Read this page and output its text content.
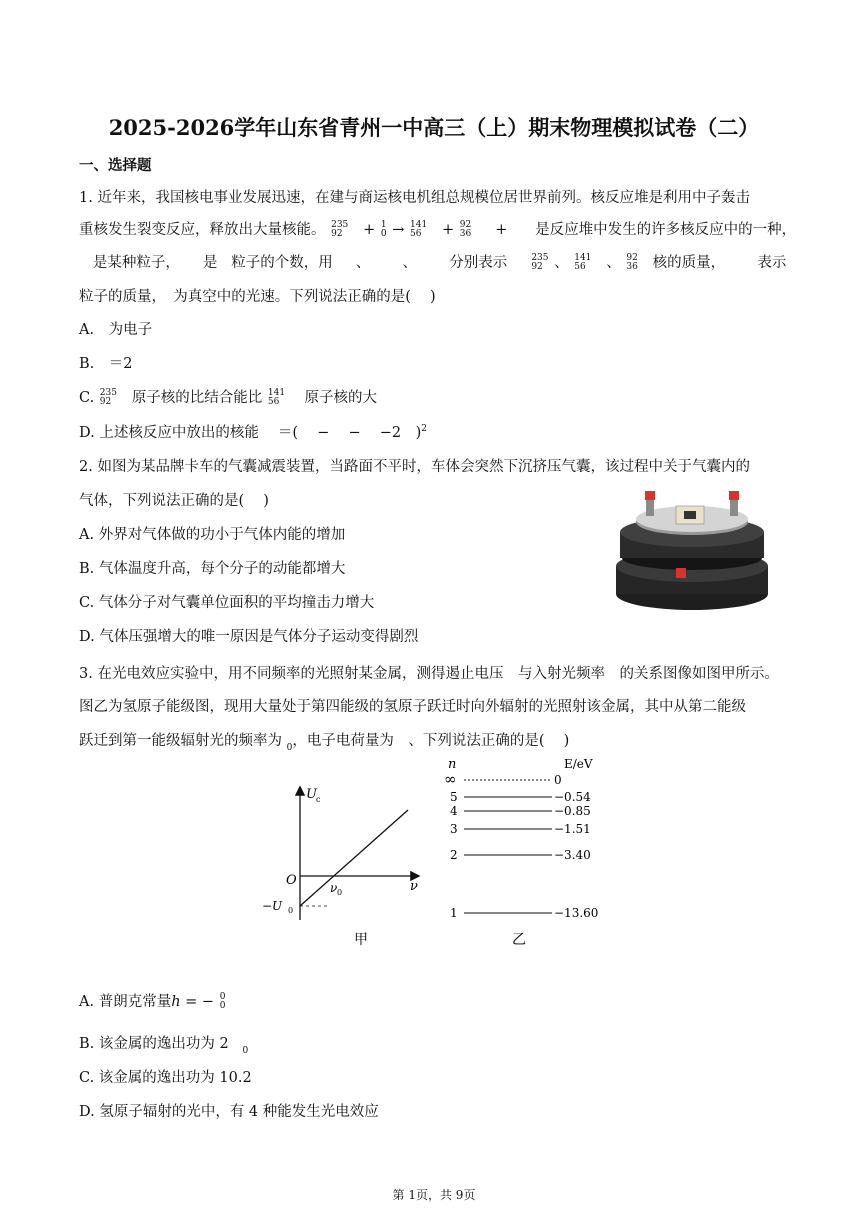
2025-2026学年山东省青州一中高三（上）期末物理模拟试卷（二）
一、选择题
1. 近年来，我国核电事业发展迅速，在建与商运核电机组总规模位居世界前列。核反应堆是利用中子轰击
重核发生裂变反应，释放出大量核能。 235
92	+ 1
0 → 141
56	+ 92
36 + 是反应堆中发生的许多核反应中的一种，
是某种粒子， 是 粒子的个数，用 、 、 分别表示	235
92 、 141
56 、 92
36 核的质量， 表示
粒子的质量，　为真空中的光速。下列说法正确的是(　 )
A.　为电子
B.　＝2
C. 235
92	原子核的比结合能比 141
56	原子核的大
D. 上述核反应中放出的核能　 ＝(　 −　 −　 −2　)$^2$
2. 如图为某品牌卡车的气囊减震装置，当路面不平时，车体会突然下沉挤压气囊，该过程中关于气囊内的
气体，下列说法正确的是(　 )
A. 外界对气体做的功小于气体内能的增加
B. 气体温度升高，每个分子的动能都增大
C. 气体分子对气囊单位面积的平均撞击力增大
D. 气体压强增大的唯一原因是气体分子运动变得剧烈
3. 在光电效应实验中，用不同频率的光照射某金属，测得遏止电压　与入射光频率　的关系图像如图甲所示。
图乙为氢原子能级图，现用大量处于第四能级的氢原子跃迁时向外辐射的光照射该金属，其中从第二能级
跃迁到第一能级辐射光的频率为 $_0$，电子电荷量为　、下列说法正确的是(　 )
U c
O	ν
ν 0
−U 0
甲
n	E/eV
∞	0
5	−0.54
4	−0.85
3	−1.51
2	−3.40
1	−13.60
乙
A. 普朗克常量h = − 0
0
B. 该金属的逸出功为 2 $_0$
C. 该金属的逸出功为 10.2
D. 氢原子辐射的光中，有 4 种能发生光电效应
第 1页，共 9页
